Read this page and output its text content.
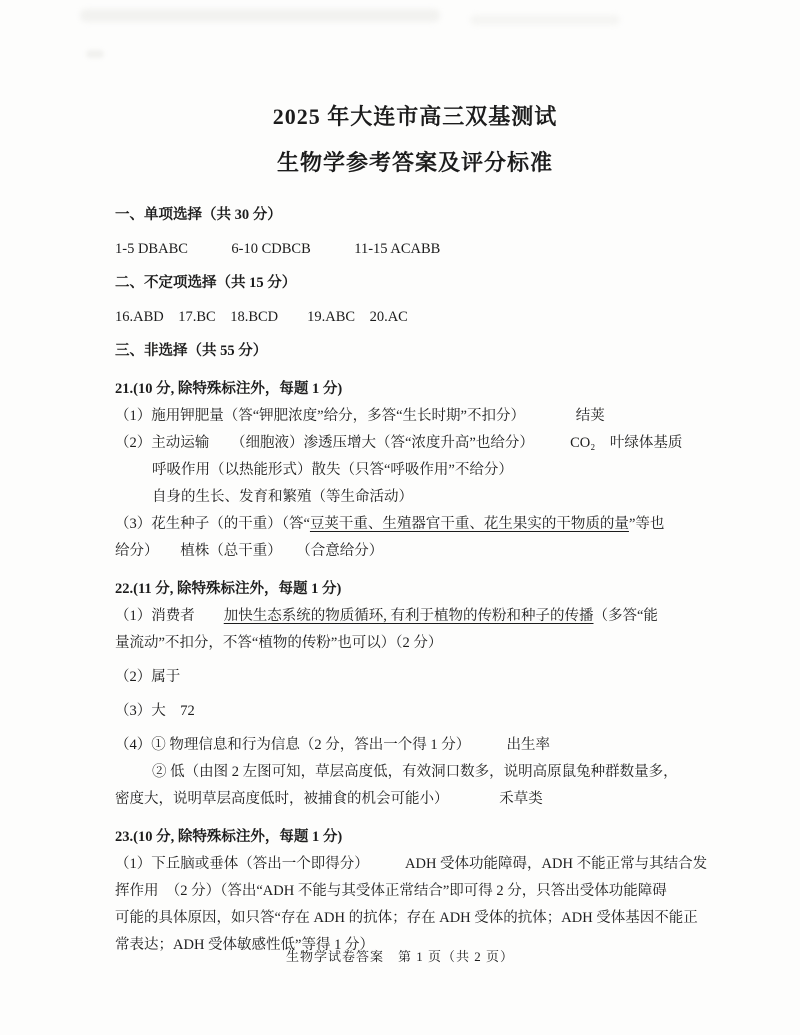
2025 年大连市高三双基测试
生物学参考答案及评分标准
一、单项选择（共 30 分）
1-5 DBABC　　　6-10 CDBCB　　　11-15 ACABB
二、不定项选择（共 15 分）
16.ABD　17.BC　18.BCD　　19.ABC　20.AC
三、非选择（共 55 分）
21.(10 分, 除特殊标注外，每题 1 分)
（1）施用钾肥量（答“钾肥浓度”给分，多答“生长时期”不扣分）　　　　结荚
（2）主动运输　　（细胞液）渗透压增大（答“浓度升高”也给分）　　　CO₂　叶绿体基质
呼吸作用（以热能形式）散失（只答“呼吸作用”不给分）
自身的生长、发育和繁殖（等生命活动）
（3）花生种子（的干重）（答“豆荚干重、生殖器官干重、花生果实的干物质的量”等也
给分）　　植株（总干重）　　（合意给分）
22.(11 分, 除特殊标注外，每题 1 分)
（1）消费者　　加快生态系统的物质循环, 有利于植物的传粉和种子的传播（多答“能
量流动”不扣分，不答“植物的传粉”也可以）（2 分）
（2）属于
（3）大　72
（4）① 物理信息和行为信息（2 分，答出一个得 1 分）　　　出生率
② 低（由图 2 左图可知，草层高度低，有效洞口数多，说明高原鼠兔种群数量多，
密度大，说明草层高度低时，被捕食的机会可能小）　　　　禾草类
23.(10 分, 除特殊标注外，每题 1 分)
（1）下丘脑或垂体（答出一个即得分）　　　ADH 受体功能障碍，ADH 不能正常与其结合发
挥作用　（2 分）（答出“ADH 不能与其受体正常结合”即可得 2 分，只答出受体功能障碍
可能的具体原因，如只答“存在 ADH 的抗体；存在 ADH 受体的抗体；ADH 受体基因不能正
常表达；ADH 受体敏感性低”等得 1 分）
生物学试卷答案　第 1 页（共 2 页）
